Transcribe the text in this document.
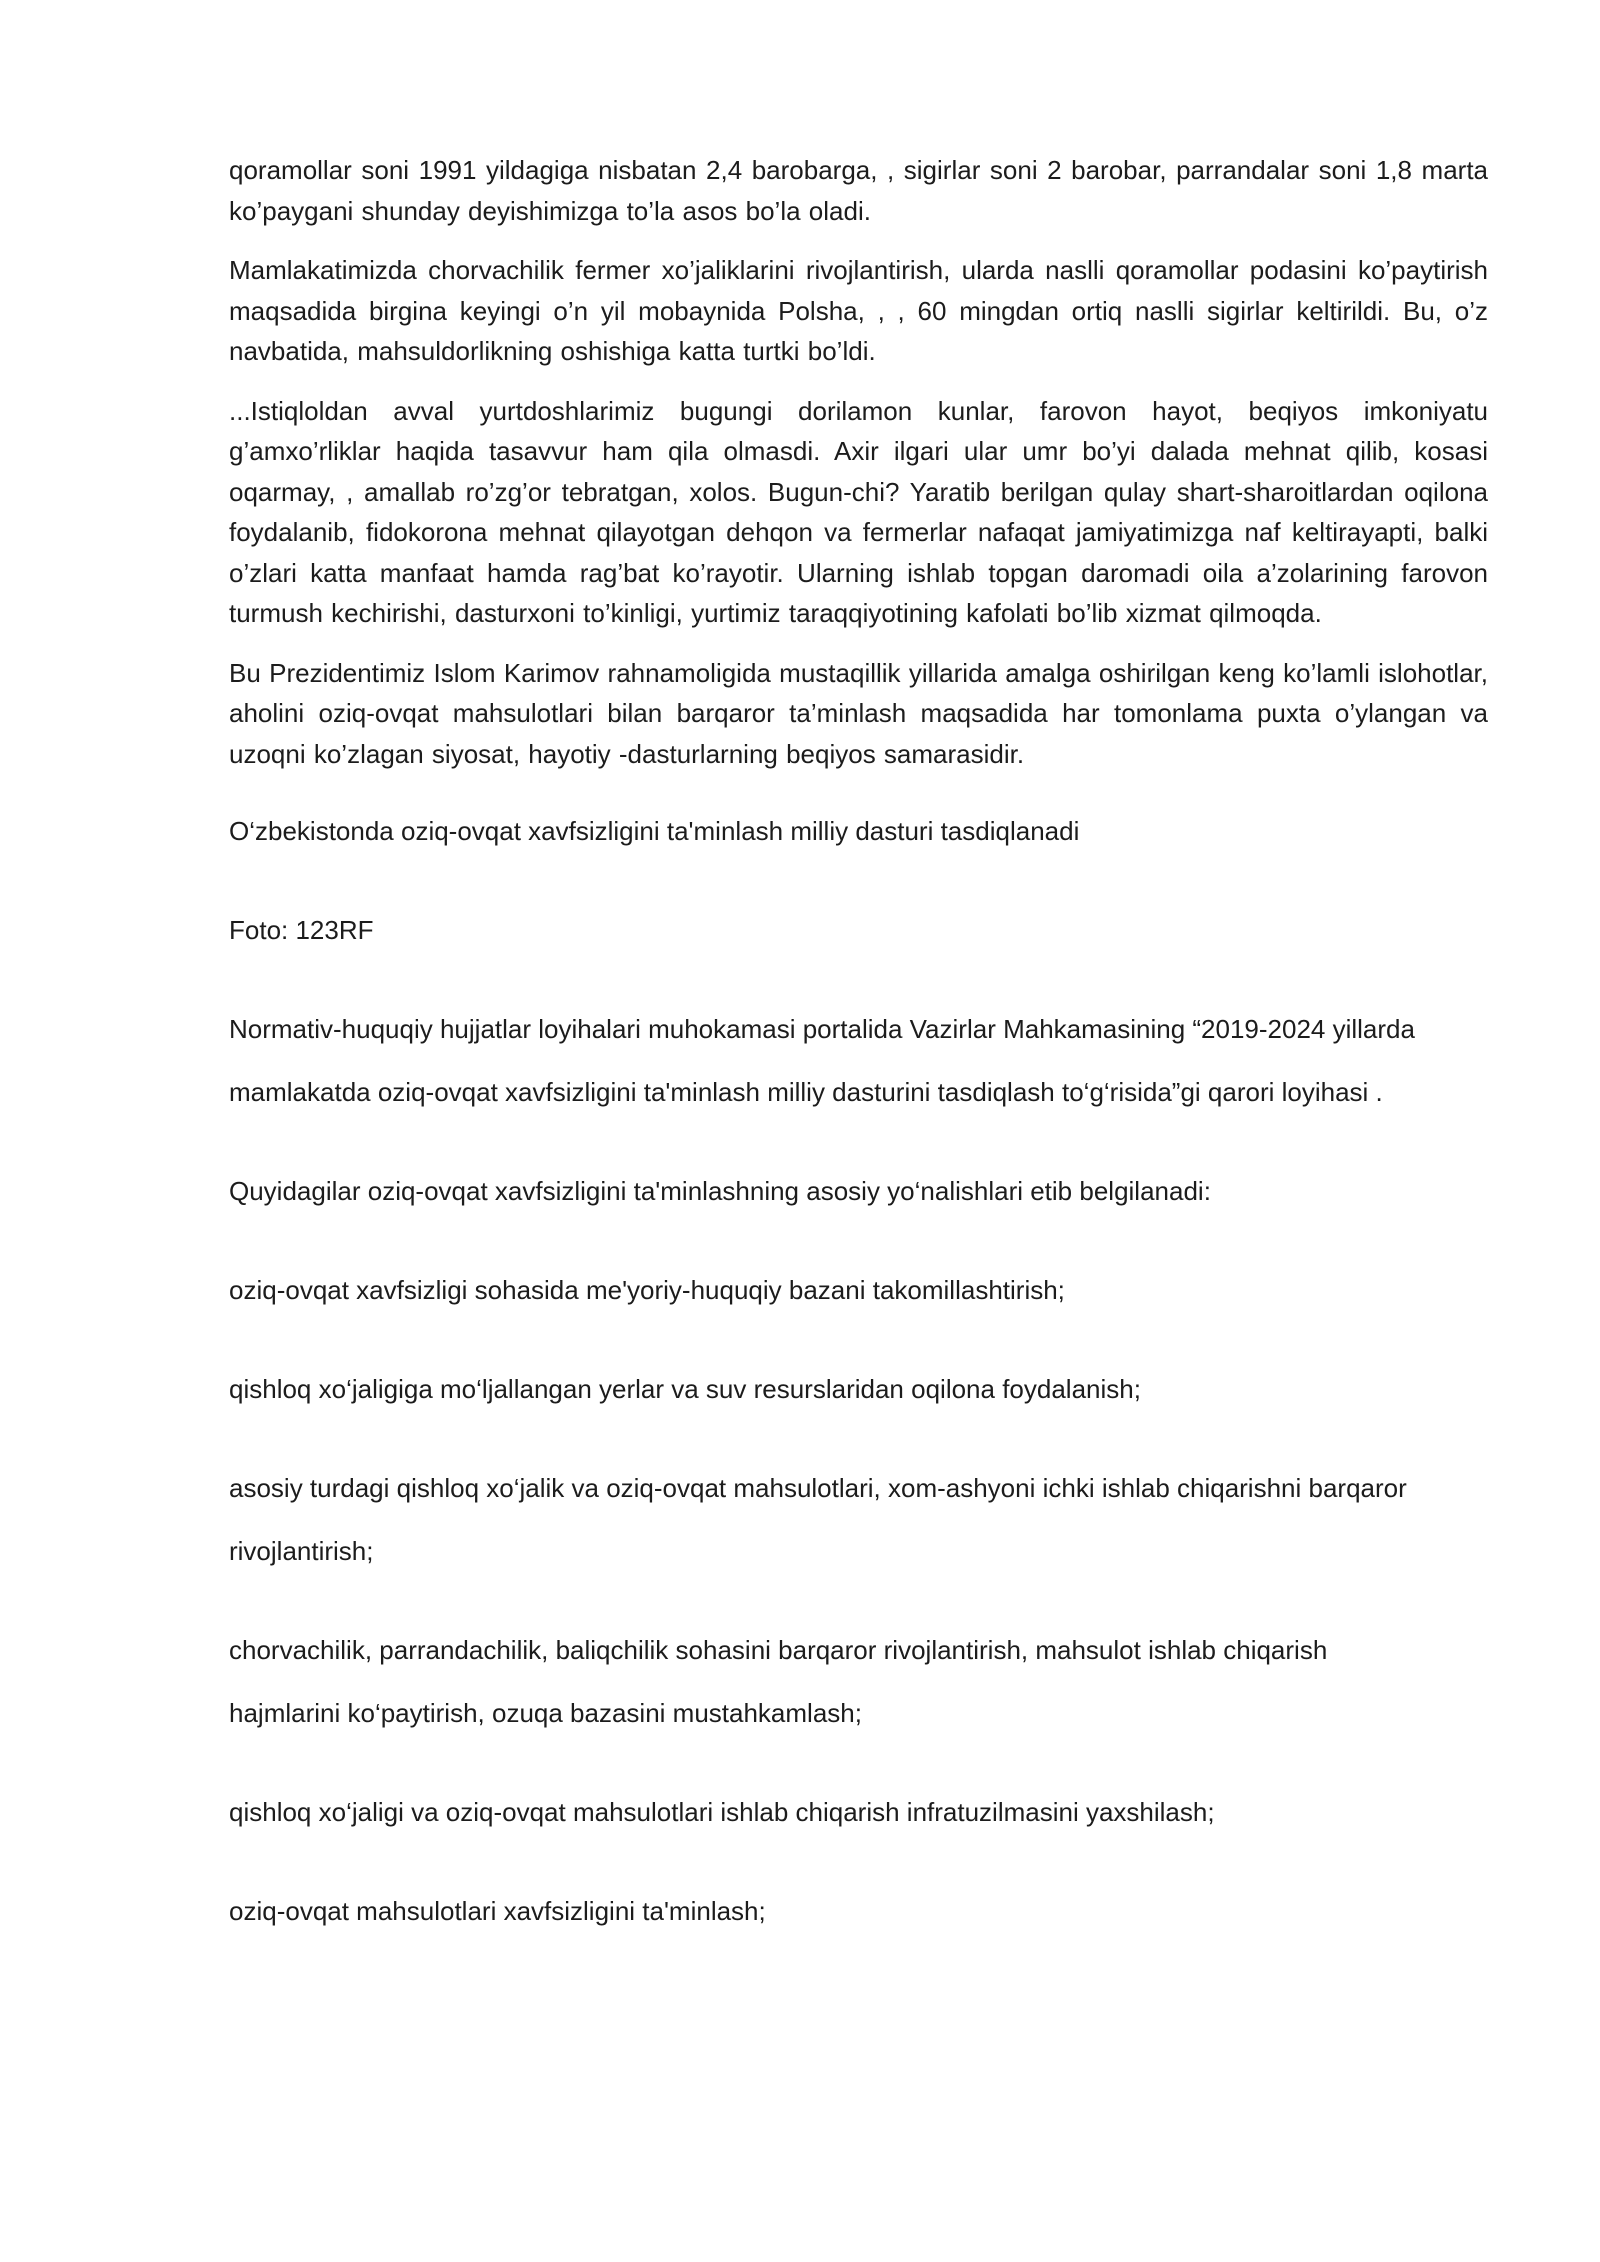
qoramollar soni 1991 yildagiga nisbatan 2,4 barobarga, , sigirlar soni 2 barobar, parrandalar soni 1,8 marta ko’paygani shunday deyishimizga to’la asos bo’la oladi.

Mamlakatimizda chorvachilik fermer xo’jaliklarini rivojlantirish, ularda naslli qoramollar podasini ko’paytirish maqsadida birgina keyingi o’n yil mobaynida Polsha, , , 60 mingdan ortiq naslli sigirlar keltirildi. Bu, o’z navbatida, mahsuldorlikning oshishiga katta turtki bo’ldi.

...Istiqloldan avval yurtdoshlarimiz bugungi dorilamon kunlar, farovon hayot, beqiyos imkoniyatu g’amxo’rliklar haqida tasavvur ham qila olmasdi. Axir ilgari ular umr bo’yi dalada mehnat qilib, kosasi oqarmay, , amallab ro’zg’or tebratgan, xolos. Bugun-chi? Yaratib berilgan qulay shart-sharoitlardan oqilona foydalanib, fidokorona mehnat qilayotgan dehqon va fermerlar nafaqat jamiyatimizga naf keltirayapti, balki o’zlari katta manfaat hamda rag’bat ko’rayotir. Ularning ishlab topgan daromadi oila a’zolarining farovon turmush kechirishi, dasturxoni to’kinligi, yurtimiz taraqqiyotining kafolati bo’lib xizmat qilmoqda.

Bu Prezidentimiz Islom Karimov rahnamoligida mustaqillik yillarida amalga oshirilgan keng ko’lamli islohotlar, aholini oziq-ovqat mahsulotlari bilan barqaror ta’minlash maqsadida har tomonlama puxta o’ylangan va uzoqni ko’zlagan siyosat, hayotiy -dasturlarning beqiyos samarasidir.

O‘zbekistonda oziq-ovqat xavfsizligini ta'minlash milliy dasturi tasdiqlanadi

Foto: 123RF

Normativ-huquqiy hujjatlar loyihalari muhokamasi portalida Vazirlar Mahkamasining “2019-2024 yillarda

mamlakatda oziq-ovqat xavfsizligini ta'minlash milliy dasturini tasdiqlash to‘g‘risida”gi qarori loyihasi .

Quyidagilar oziq-ovqat xavfsizligini ta'minlashning asosiy yo‘nalishlari etib belgilanadi:

oziq-ovqat xavfsizligi sohasida me'yoriy-huquqiy bazani takomillashtirish;

qishloq xo‘jaligiga mo‘ljallangan yerlar va suv resurslaridan oqilona foydalanish;

asosiy turdagi qishloq xo‘jalik va oziq-ovqat mahsulotlari, xom-ashyoni ichki ishlab chiqarishni barqaror

rivojlantirish;

chorvachilik, parrandachilik, baliqchilik sohasini barqaror rivojlantirish, mahsulot ishlab chiqarish

hajmlarini ko‘paytirish, ozuqa bazasini mustahkamlash;

qishloq xo‘jaligi va oziq-ovqat mahsulotlari ishlab chiqarish infratuzilmasini yaxshilash;

oziq-ovqat mahsulotlari xavfsizligini ta'minlash;
